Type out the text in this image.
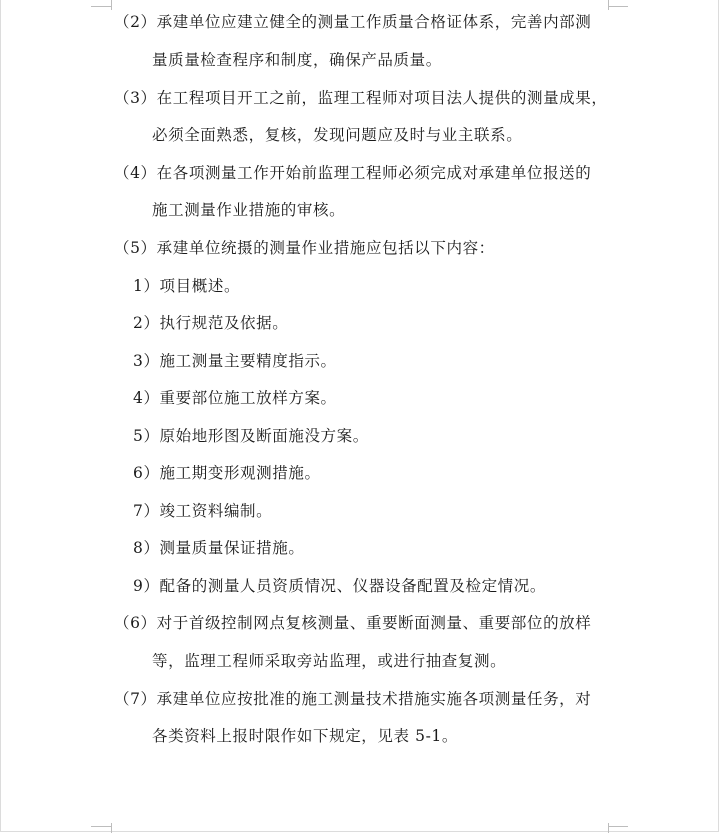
（2）承建单位应建立健全的测量工作质量合格证体系，完善内部测
量质量检查程序和制度，确保产品质量。
（3）在工程项目开工之前，监理工程师对项目法人提供的测量成果，
必须全面熟悉，复核，发现问题应及时与业主联系。
（4）在各项测量工作开始前监理工程师必须完成对承建单位报送的
施工测量作业措施的审核。
（5）承建单位统摄的测量作业措施应包括以下内容：
1）项目概述。
2）执行规范及依据。
3）施工测量主要精度指示。
4）重要部位施工放样方案。
5）原始地形图及断面施没方案。
6）施工期变形观测措施。
7）竣工资料编制。
8）测量质量保证措施。
9）配备的测量人员资质情况、仪器设备配置及检定情况。
（6）对于首级控制网点复核测量、重要断面测量、重要部位的放样
等，监理工程师采取旁站监理，或进行抽查复测。
（7）承建单位应按批准的施工测量技术措施实施各项测量任务，对
各类资料上报时限作如下规定，见表 5-1。
